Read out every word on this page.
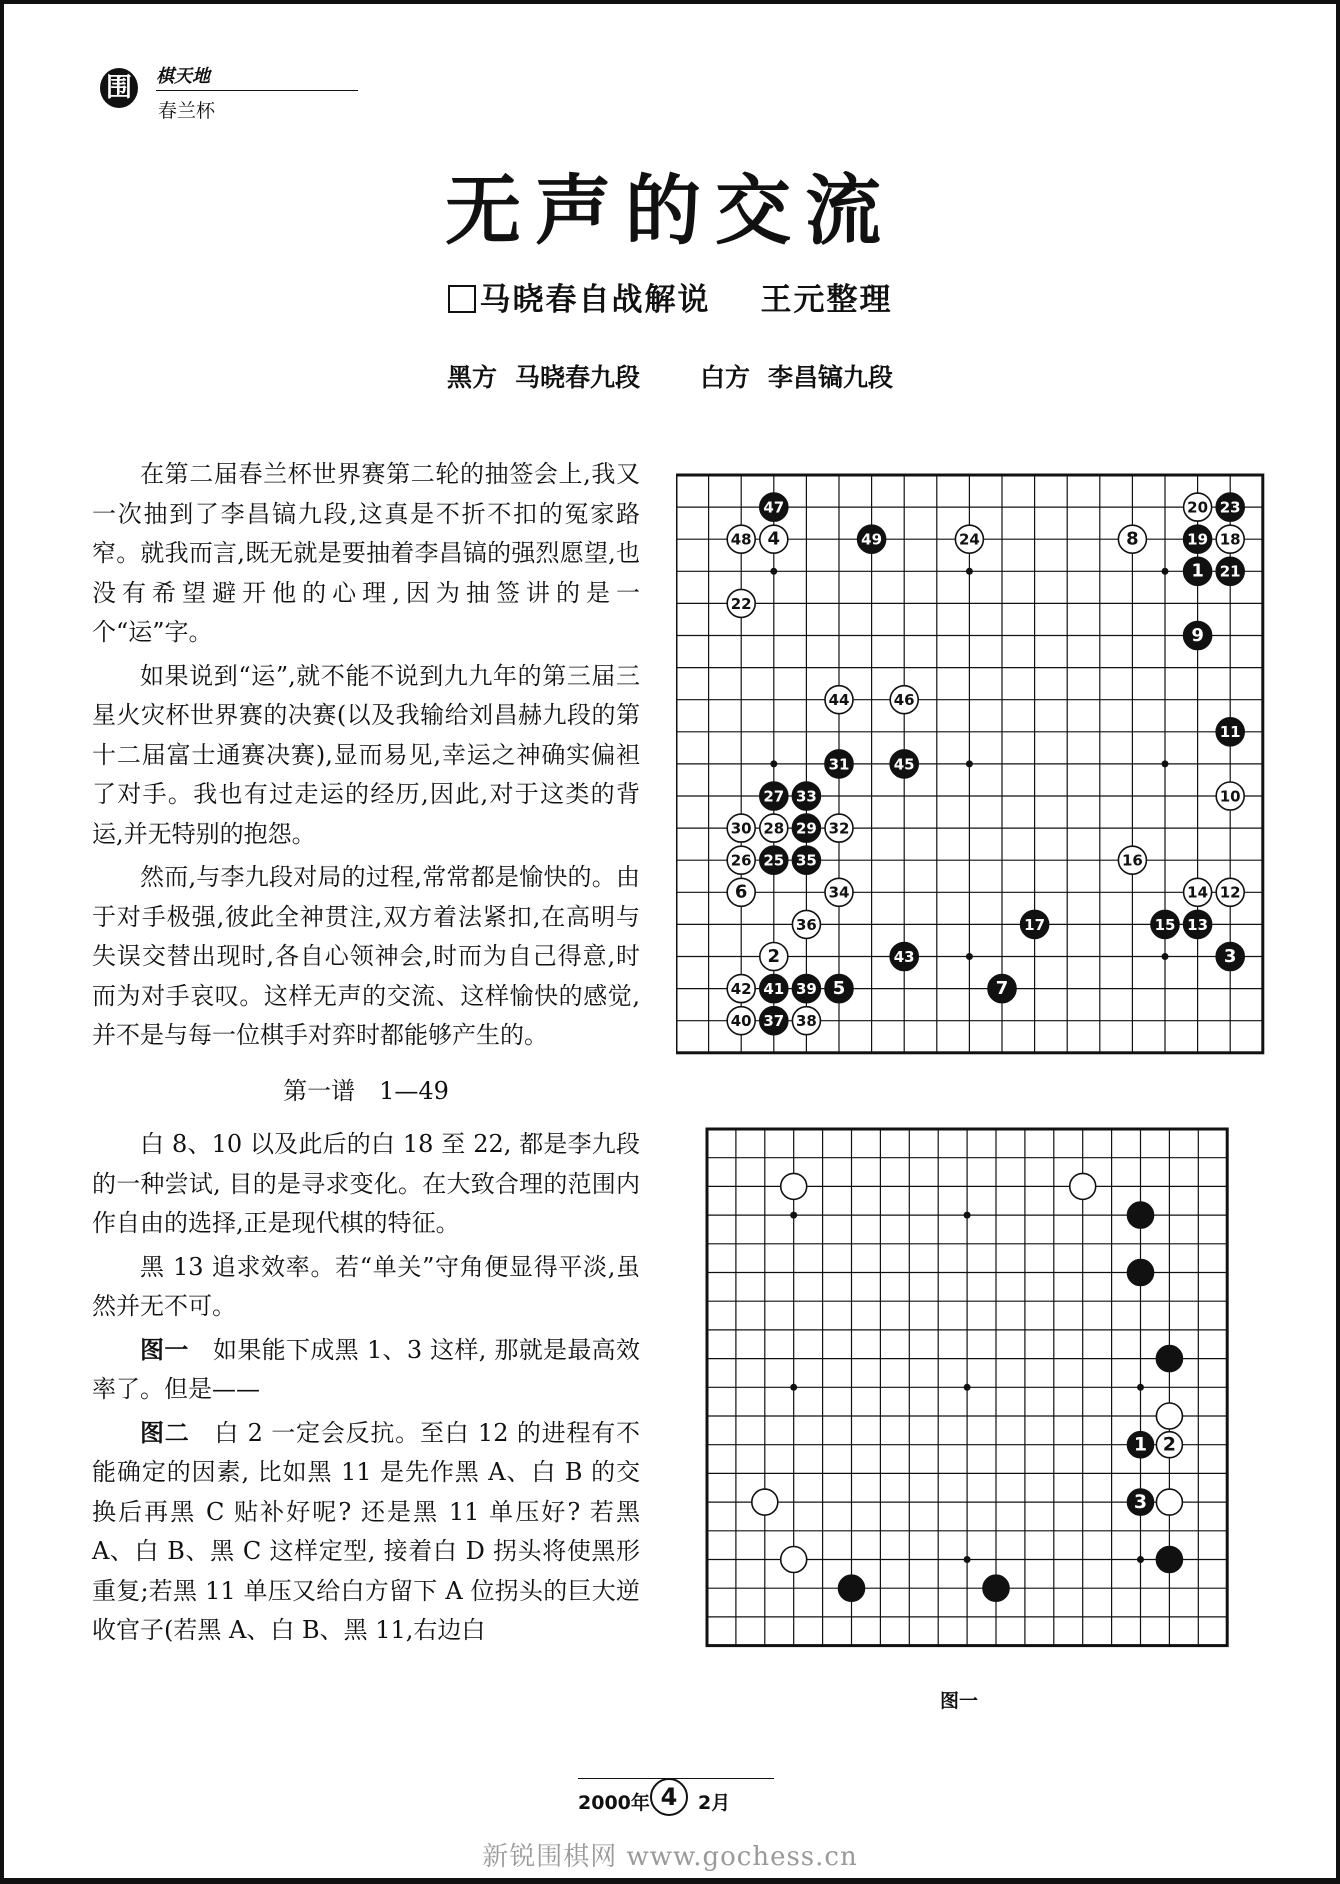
围	棋天地
春兰杯
无声的交流
马晓春自战解说 王元整理
黑方 马晓春九段 白方 李昌镐九段

在第二届春兰杯世界赛第二轮的抽签会上,我又一次抽到了李昌镐九段,这真是不折不扣的冤家路窄。就我而言,既无就是要抽着李昌镐的强烈愿望,也没有希望避开他的心理,因为抽签讲的是一个“运”字。

如果说到“运”,就不能不说到九九年的第三届三星火灾杯世界赛的决赛(以及我输给刘昌赫九段的第十二届富士通赛决赛),显而易见,幸运之神确实偏袒了对手。我也有过走运的经历,因此,对于这类的背运,并无特别的抱怨。

然而,与李九段对局的过程,常常都是愉快的。由于对手极强,彼此全神贯注,双方着法紧扣,在高明与失误交替出现时,各自心领神会,时而为自己得意,时而为对手哀叹。这样无声的交流、这样愉快的感觉,并不是与每一位棋手对弈时都能够产生的。

第一谱　1—49

白 8、10 以及此后的白 18 至 22, 都是李九段的一种尝试, 目的是寻求变化。在大致合理的范围内作自由的选择,正是现代棋的特征。

黑 13 追求效率。若“单关”守角便显得平淡,虽然并无不可。

图一　 如果能下成黑 1、3 这样, 那就是最高效率了。但是——

图二　 白 2 一定会反抗。至白 12 的进程有不能确定的因素, 比如黑 11 是先作黑 A、白 B 的交换后再黑 C 贴补好呢? 还是黑 11 单压好? 若黑 A、白 B、黑 C 这样定型, 接着白 D 拐头将使黑形重复;若黑 11 单压又给白方留下 A 位拐头的巨大逆收官子(若黑 A、白 B、黑 11,右边白

47
48 4	49	24	8
20 23
19 18
1 21
22
9
44	46
11
31	45
27 33	10
30 28 29 32
26 25 35	16
6	34	14 12
36	17	15 13
2	43	3
42 41 39 5	7
40 37 38
1 2
3
图一
2000年 4	2月
新锐围棋网 www.gochess.cn
